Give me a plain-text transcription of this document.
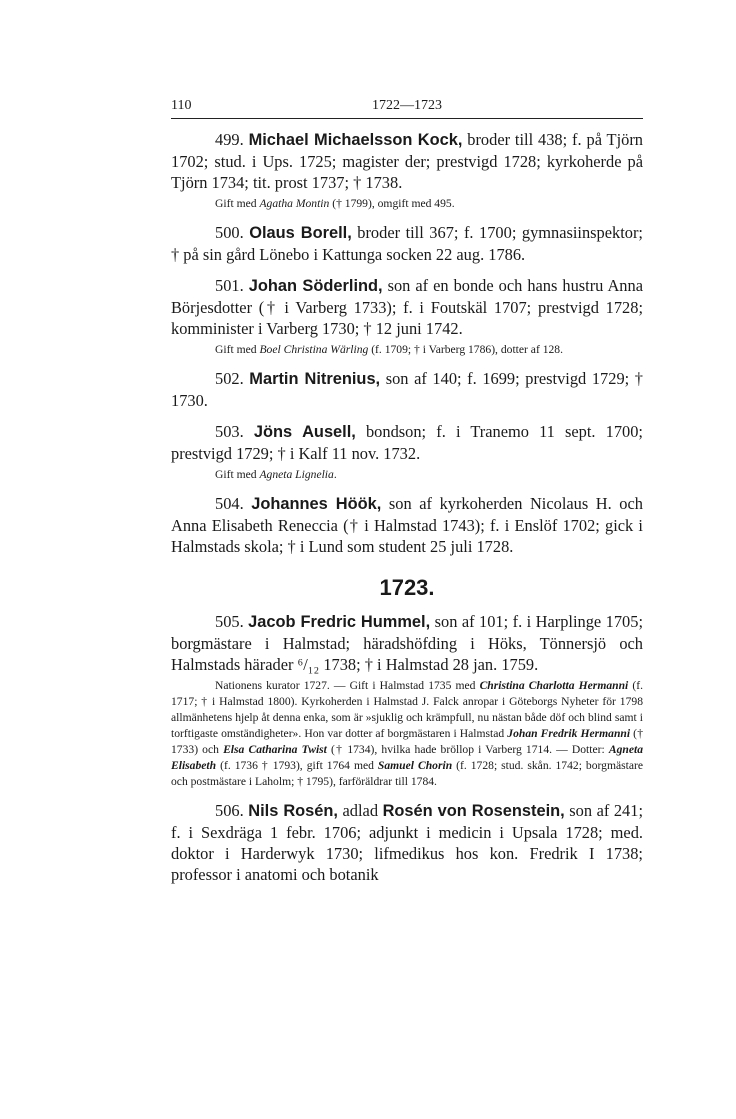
110	1722—1723
499. Michael Michaelsson Kock, broder till 438; f. på Tjörn 1702; stud. i Ups. 1725; magister der; prestvigd 1728; kyrkoherde på Tjörn 1734; tit. prost 1737; † 1738.
Gift med Agatha Montin († 1799), omgift med 495.
500. Olaus Borell, broder till 367; f. 1700; gymnasiinspektor; † på sin gård Lönebo i Kattunga socken 22 aug. 1786.
501. Johan Söderlind, son af en bonde och hans hustru Anna Börjesdotter († i Varberg 1733); f. i Foutskäl 1707; prestvigd 1728; komminister i Varberg 1730; † 12 juni 1742.
Gift med Boel Christina Wärling (f. 1709; † i Varberg 1786), dotter af 128.
502. Martin Nitrenius, son af 140; f. 1699; prestvigd 1729; † 1730.
503. Jöns Ausell, bondson; f. i Tranemo 11 sept. 1700; prestvigd 1729; † i Kalf 11 nov. 1732.
Gift med Agneta Lignelia.
504. Johannes Höök, son af kyrkoherden Nicolaus H. och Anna Elisabeth Reneccia († i Halmstad 1743); f. i Enslöf 1702; gick i Halmstads skola; † i Lund som student 25 juli 1728.
1723.
505. Jacob Fredric Hummel, son af 101; f. i Harplinge 1705; borgmästare i Halmstad; häradshöfding i Höks, Tönnersjö och Halmstads härader ⁶/₁₂ 1738; † i Halmstad 28 jan. 1759.
Nationens kurator 1727. — Gift i Halmstad 1735 med Christina Charlotta Hermanni (f. 1717; † i Halmstad 1800). Kyrkoherden i Halmstad J. Falck anropar i Göteborgs Nyheter för 1798 allmänhetens hjelp åt denna enka, som är »sjuklig och krämpfull, nu nästan både döf och blind samt i torftigaste omständigheter». Hon var dotter af borgmästaren i Halmstad Johan Fredrik Hermanni († 1733) och Elsa Catharina Twist († 1734), hvilka hade bröllop i Varberg 1714. — Dotter: Agneta Elisabeth (f. 1736 † 1793), gift 1764 med Samuel Chorin (f. 1728; stud. skån. 1742; borgmästare och postmästare i Laholm; † 1795), farföräldrar till 1784.
506. Nils Rosén, adlad Rosén von Rosenstein, son af 241; f. i Sexdräga 1 febr. 1706; adjunkt i medicin i Upsala 1728; med. doktor i Harderwyk 1730; lifmedikus hos kon. Fredrik I 1738; professor i anatomi och botanik
